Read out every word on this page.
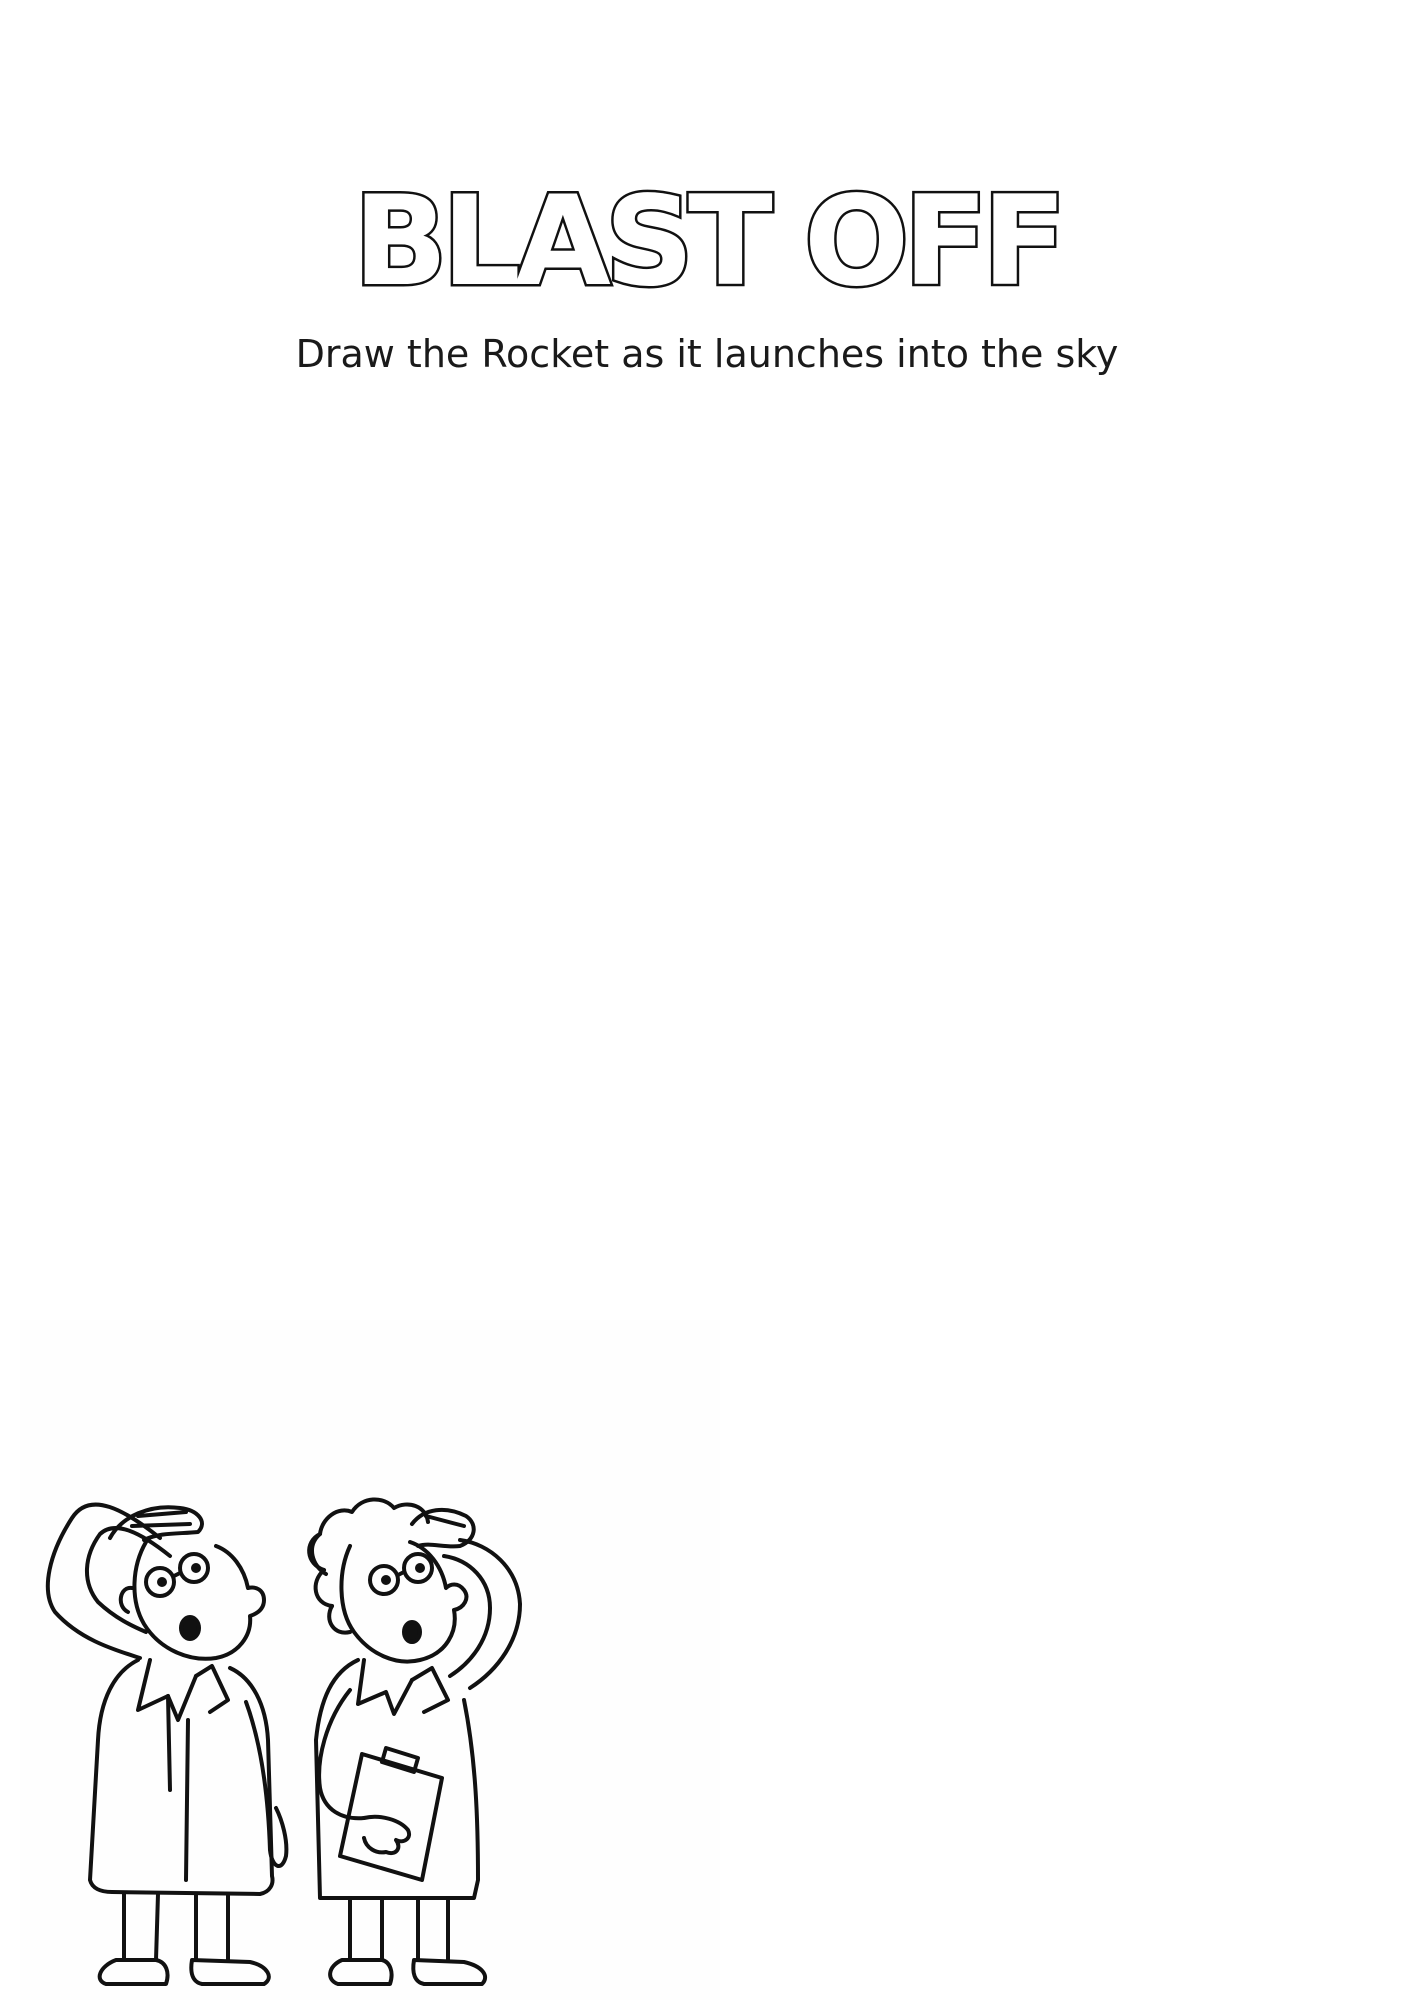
BLAST OFF
Draw the Rocket as it launches into the sky
